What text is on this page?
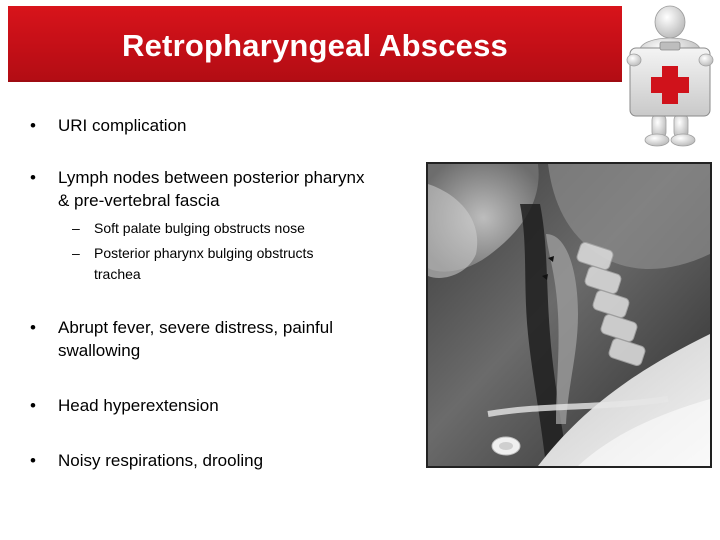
Retropharyngeal Abscess
•	URI complication
•	Lymph nodes between posterior pharynx & pre-vertebral fascia
– Soft palate bulging obstructs nose
– Posterior pharynx bulging obstructs trachea
•	Abrupt fever, severe distress, painful swallowing
•	Head hyperextension
•	Noisy respirations, drooling
